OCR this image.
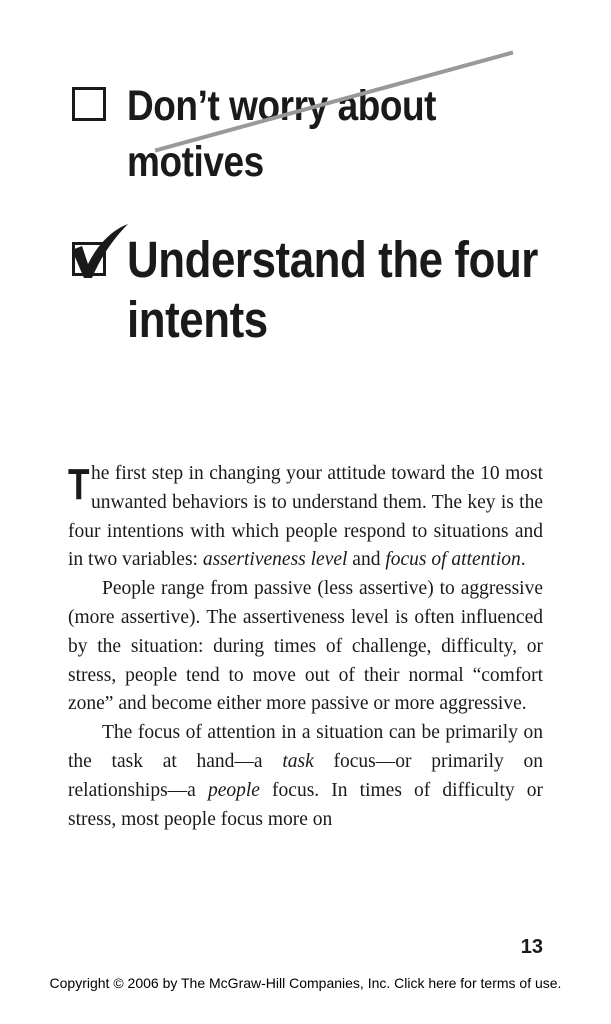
Don’t worry about
motives
Understand the four
intents

The first step in changing your attitude toward the 10 most unwanted behaviors is to understand them. The key is the four intentions with which people respond to situations and in two variables: assertiveness level and focus of attention.

People range from passive (less assertive) to aggressive (more assertive). The assertiveness level is often influenced by the situation: during times of challenge, difficulty, or stress, people tend to move out of their normal “comfort zone” and become either more passive or more aggressive.

The focus of attention in a situation can be primarily on the task at hand—a task focus—or primarily on relationships—a people focus. In times of difficulty or stress, most people focus more on

13
Copyright © 2006 by The McGraw-Hill Companies, Inc. Click here for terms of use.
